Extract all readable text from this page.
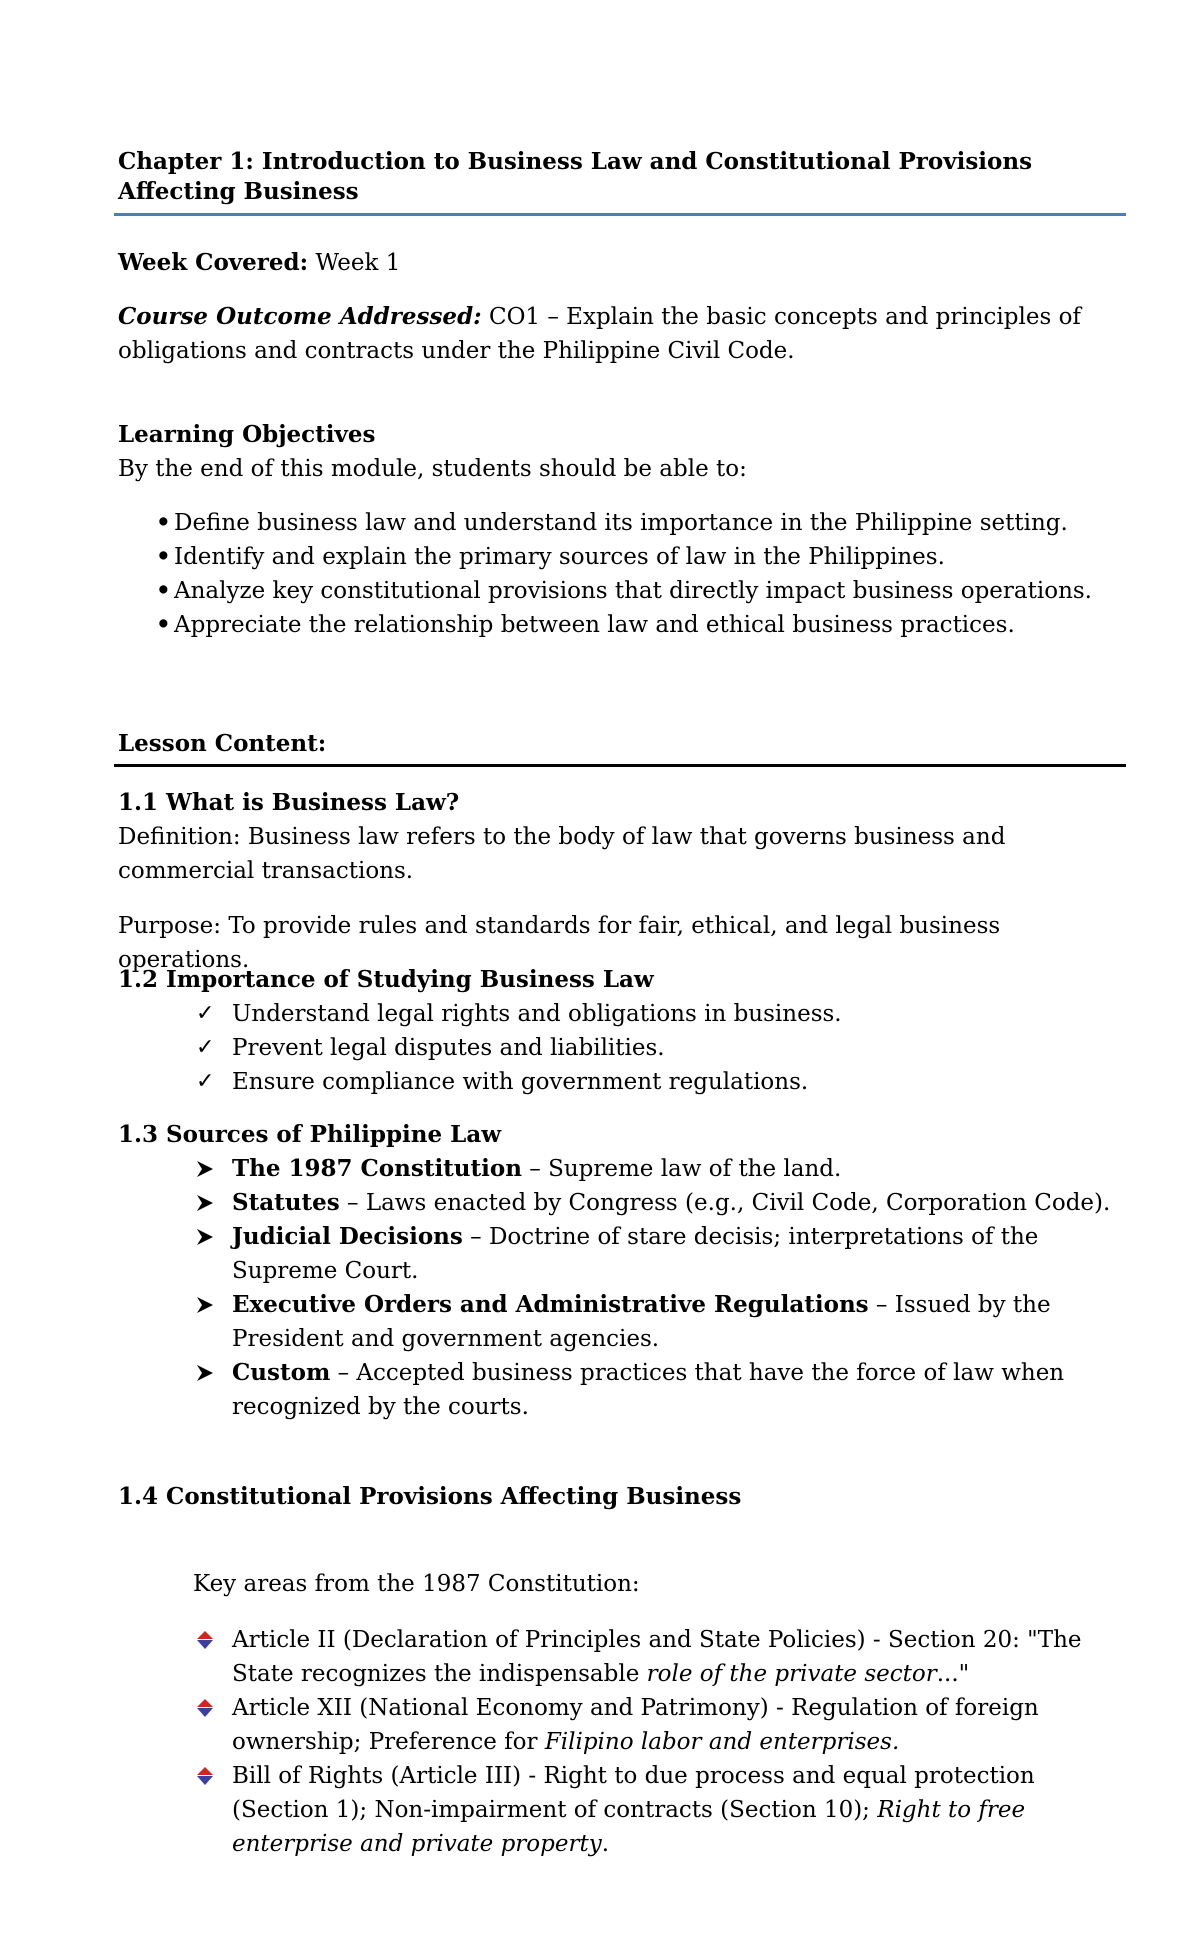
Chapter 1: Introduction to Business Law and Constitutional Provisions Affecting Business
Week Covered: Week 1
Course Outcome Addressed: CO1 – Explain the basic concepts and principles of obligations and contracts under the Philippine Civil Code.
Learning Objectives
By the end of this module, students should be able to:
• Define business law and understand its importance in the Philippine setting.
• Identify and explain the primary sources of law in the Philippines.
• Analyze key constitutional provisions that directly impact business operations.
• Appreciate the relationship between law and ethical business practices.
Lesson Content:
1.1 What is Business Law?
Definition: Business law refers to the body of law that governs business and commercial transactions.
Purpose: To provide rules and standards for fair, ethical, and legal business operations.
1.2 Importance of Studying Business Law
✓ Understand legal rights and obligations in business.
✓ Prevent legal disputes and liabilities.
✓ Ensure compliance with government regulations.
1.3 Sources of Philippine Law
The 1987 Constitution – Supreme law of the land.
Statutes – Laws enacted by Congress (e.g., Civil Code, Corporation Code).
Judicial Decisions – Doctrine of stare decisis; interpretations of the Supreme Court.
Executive Orders and Administrative Regulations – Issued by the President and government agencies.
Custom – Accepted business practices that have the force of law when recognized by the courts.
1.4 Constitutional Provisions Affecting Business
Key areas from the 1987 Constitution:
Article II (Declaration of Principles and State Policies) - Section 20: "The State recognizes the indispensable role of the private sector..."
Article XII (National Economy and Patrimony) - Regulation of foreign ownership; Preference for Filipino labor and enterprises.
Bill of Rights (Article III) - Right to due process and equal protection (Section 1); Non-impairment of contracts (Section 10); Right to free enterprise and private property.
